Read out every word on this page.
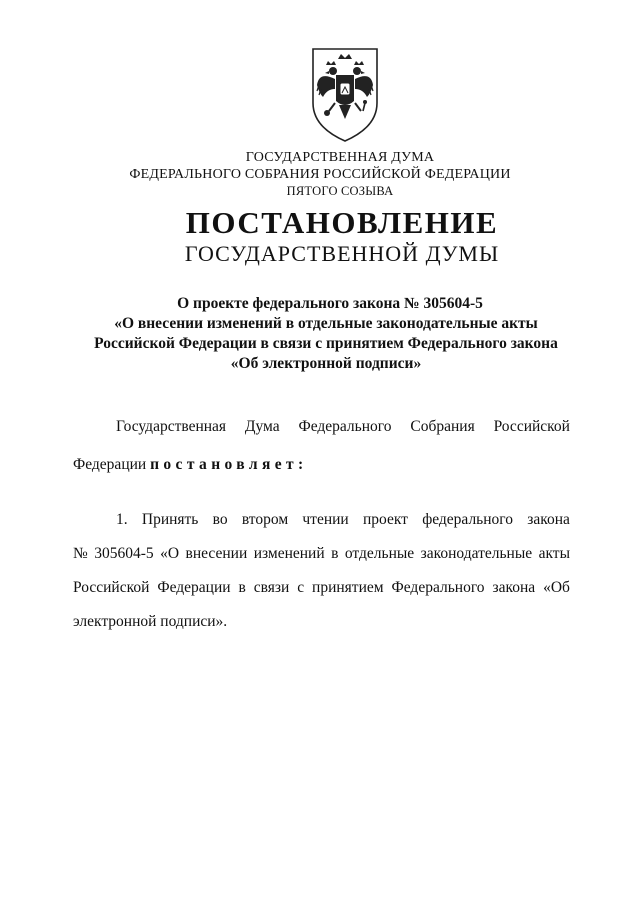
ГОСУДАРСТВЕННАЯ ДУМА
ФЕДЕРАЛЬНОГО СОБРАНИЯ РОССИЙСКОЙ ФЕДЕРАЦИИ
ПЯТОГО СОЗЫВА
ПОСТАНОВЛЕНИЕ
ГОСУДАРСТВЕННОЙ ДУМЫ
О проекте федерального закона № 305604-5
«О внесении изменений в отдельные законодательные акты
Российской Федерации в связи с принятием Федерального закона
«Об электронной подписи»
Государственная Дума Федерального Собрания Российской
Федерации постановляет:
1. Принять во втором чтении проект федерального закона
№ 305604-5 «О внесении изменений в отдельные законодательные акты
Российской Федерации в связи с принятием Федерального закона «Об
электронной подписи».
